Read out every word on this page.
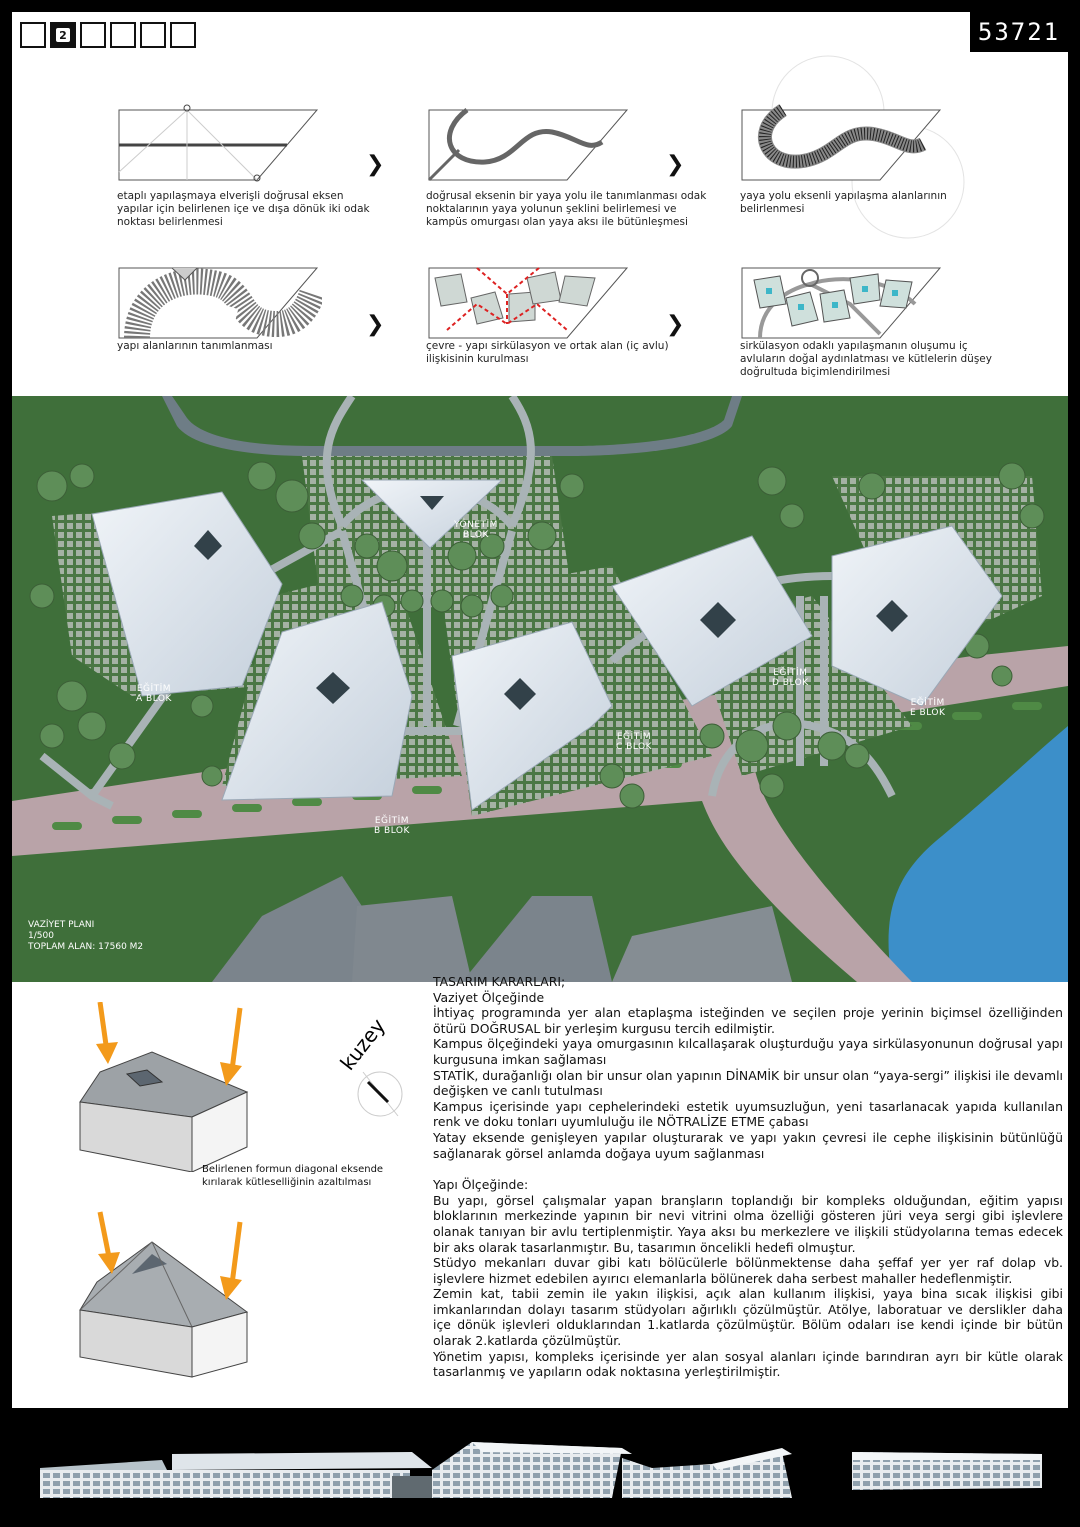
2	53721
etaplı yapılaşmaya elverişli doğrusal eksen yapılar için belirlenen içe ve dışa dönük iki odak noktası belirlenmesi
❯
doğrusal eksenin bir yaya yolu ile tanımlanması odak noktalarının yaya yolunun şeklini belirlemesi ve kampüs omurgası olan yaya aksı ile bütünleşmesi
❯
yaya yolu eksenli yapılaşma alanlarının belirlenmesi
yapı alanlarının tanımlanması
❯
çevre - yapı sirkülasyon ve ortak alan (iç avlu) ilişkisinin kurulması
❯
sirkülasyon odaklı yapılaşmanın oluşumu iç avluların doğal aydınlatması ve kütlelerin düşey doğrultuda biçimlendirilmesi
YÖNETİM
BLOK
EĞİTİM
A BLOK
EĞİTİM
B BLOK
EĞİTİM
C BLOK
EĞİTİM
D BLOK
EĞİTİM
E BLOK
VAZİYET PLANI
1/500
TOPLAM ALAN: 17560 M2
Belirlenen formun diagonal eksende kırılarak kütleselliğinin azaltılması
kuzey

TASARIM KARARLARI;

Vaziyet Ölçeğinde

İhtiyaç programında yer alan etaplaşma isteğinden ve seçilen proje yerinin biçimsel özelliğinden ötürü DOĞRUSAL bir yerleşim kurgusu tercih edilmiştir.

Kampus ölçeğindeki yaya omurgasının kılcallaşarak oluşturduğu yaya sirkülasyonunun doğrusal yapı kurgusuna imkan sağlaması

STATİK, durağanlığı olan bir unsur olan yapının DİNAMİK bir unsur olan “yaya-sergi” ilişkisi ile devamlı değişken ve canlı tutulması

Kampus içerisinde yapı cephelerindeki estetik uyumsuzluğun, yeni tasarlanacak yapıda kullanılan renk ve doku tonları uyumluluğu ile NÖTRALİZE ETME çabası

Yatay eksende genişleyen yapılar oluşturarak ve yapı yakın çevresi ile cephe ilişkisinin bütünlüğü sağlanarak görsel anlamda doğaya uyum sağlanması

Yapı Ölçeğinde:

Bu yapı, görsel çalışmalar yapan branşların toplandığı bir kompleks olduğundan, eğitim yapısı bloklarının merkezinde yapının bir nevi vitrini olma özelliği gösteren jüri veya sergi gibi işlevlere olanak tanıyan bir avlu tertiplenmiştir. Yaya aksı bu merkezlere ve ilişkili stüdyolarına temas edecek bir aks olarak tasarlanmıştır. Bu, tasarımın öncelikli hedefi olmuştur.

Stüdyo mekanları duvar gibi katı bölücülerle bölünmektense daha şeffaf yer yer raf dolap vb. işlevlere hizmet edebilen ayırıcı elemanlarla bölünerek daha serbest mahaller hedeflenmiştir.

Zemin kat, tabii zemin ile yakın ilişkisi, açık alan kullanım ilişkisi, yaya bina sıcak ilişkisi gibi imkanlarından dolayı tasarım stüdyoları ağırlıklı çözülmüştür. Atölye, laboratuar ve derslikler daha içe dönük işlevleri olduklarından 1.katlarda çözülmüştür. Bölüm odaları ise kendi içinde bir bütün olarak 2.katlarda çözülmüştür.

Yönetim yapısı, kompleks içerisinde yer alan sosyal alanları içinde barındıran ayrı bir kütle olarak tasarlanmış ve yapıların odak noktasına yerleştirilmiştir.
